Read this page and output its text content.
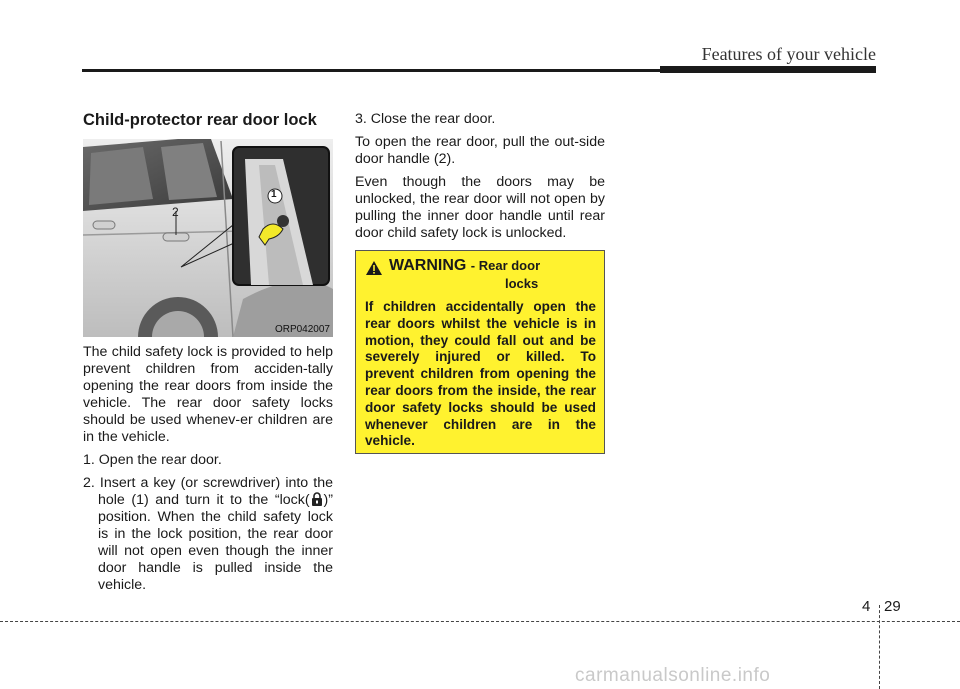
Features of your vehicle
Child-protector rear door lock
1
2
ORP042007

The child safety lock is provided to help prevent children from acciden-tally opening the rear doors from inside the vehicle. The rear door safety locks should be used whenev-er children are in the vehicle.

1. Open the rear door.

2. Insert a key (or screwdriver) into the hole (1) and turn it to the “lock( )” position. When the child safety lock is in the lock position, the rear door will not open even though the inner door handle is pulled inside the vehicle.

3. Close the rear door.

To open the rear door, pull the out-side door handle (2).

Even though the doors may be unlocked, the rear door will not open by pulling the inner door handle until rear door child safety lock is unlocked.

WARNING - Rear door
locks
If children accidentally open the rear doors whilst the vehicle is in motion, they could fall out and be severely injured or killed. To prevent children from opening the rear doors from the inside, the rear door safety locks should be used whenever children are in the vehicle.
4 29
carmanualsonline.info
